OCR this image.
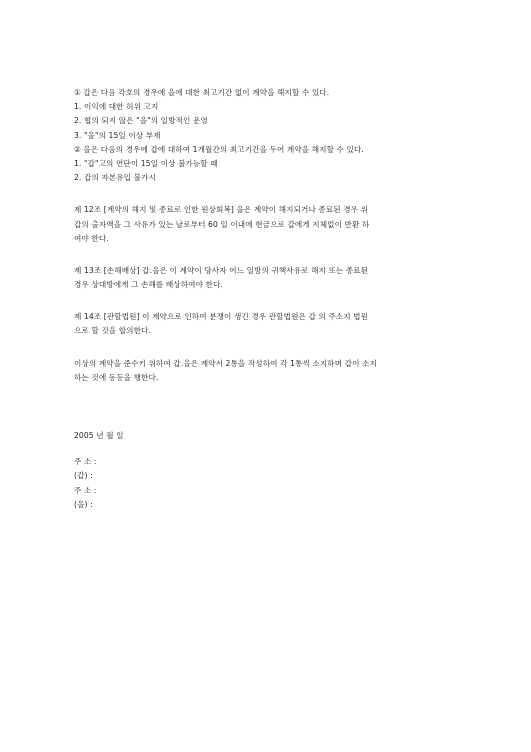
① 갑은 다음 각호의 경우에 을에 대한 최고기간 없이 계약을 해지할 수 있다.
1. 이익에 대한 허위 고지
2. 협의 되지 않은 "을"의 일방적인 운영
3. "을"의 15일 이상 부재
② 을은 다음의 경우에 갑에 대하여 1개월간의 최고기간을 두어 계약을 해지할 수 있다.
1. "갑"고의 연단이 15일 이상 불가능할 때
2. 갑의 자본유입 불가시
제 12조 [계약의 해지 및 종료로 인한 원상회복] 을은 계약이 해지되거나 종료된 경우 위
갑의 출자액을 그 사유가 있는 날로부터 60 일 이내에 현금으로 갑에게 지체없이 반환 하
여야 한다.
제 13조 [손해배상] 갑․을은 이 계약이 당사자 어느 일방의 귀책사유로 해지 또는 종료된
경우 상대방에게 그 손해를 배상하여야 한다.
제 14조 [관할법원] 이 계약으로 인하여 분쟁이 생긴 경우 관할법원은 갑 의 주소지 법원
으로 할 것을 합의한다.
이상의 계약을 준수키 위하여 갑․을은 계약서 2통을 작성하여 각 1통씩 소지하며 갑이 소지
하는 것에 동등을 행한다.
2005 년 월 일
주 소 :
(갑) :
주 소 :
(을) :
